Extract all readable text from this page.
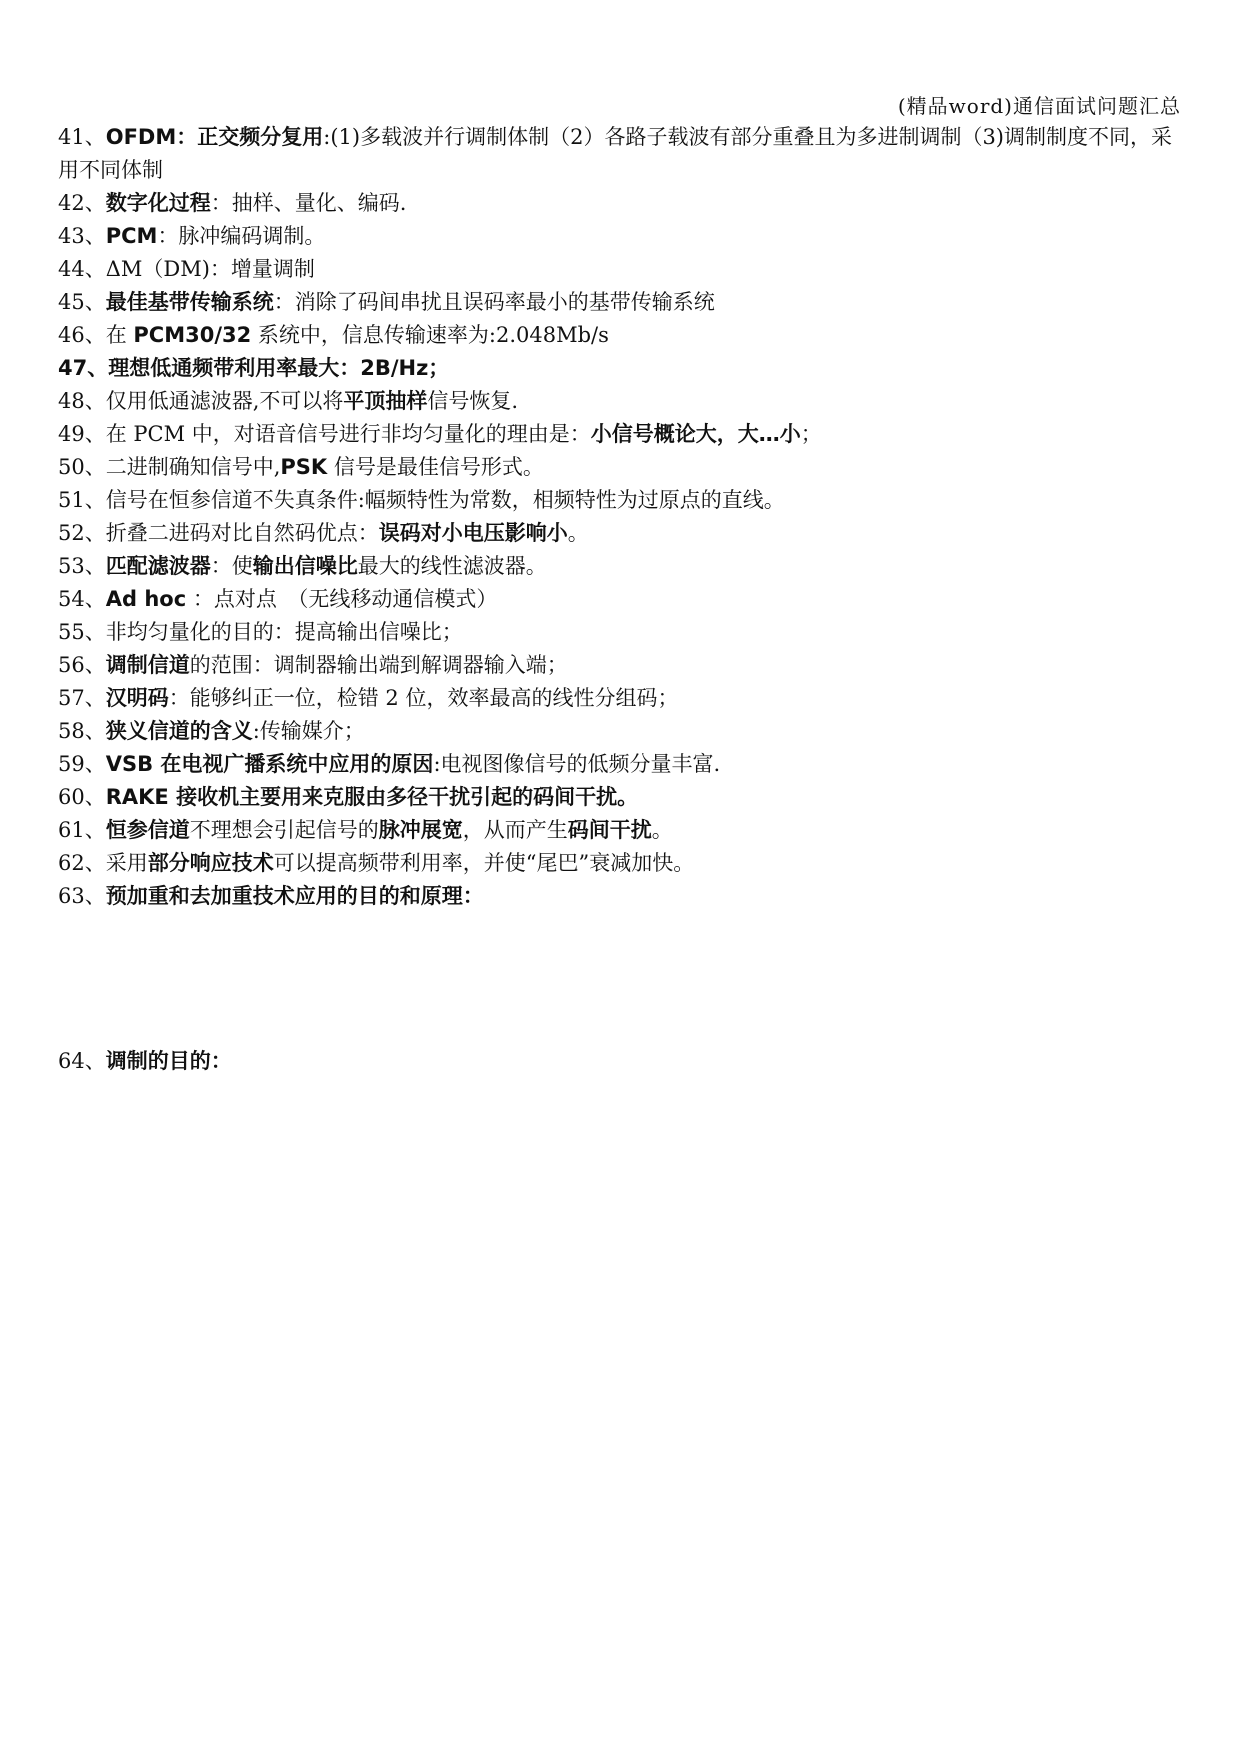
(精品word)通信面试问题汇总

41、OFDM：正交频分复用:(1)多载波并行调制体制（2）各路子载波有部分重叠且为多进制调制（3)调制制度不同，采用不同体制

42、数字化过程：抽样、量化、编码.

43、PCM：脉冲编码调制。

44、ΔM（DM)：增量调制

45、最佳基带传输系统：消除了码间串扰且误码率最小的基带传输系统

46、在 PCM30/32 系统中，信息传输速率为:2.048Mb/s

47、理想低通频带利用率最大：2B/Hz；

48、仅用低通滤波器,不可以将平顶抽样信号恢复.

49、在 PCM 中，对语音信号进行非均匀量化的理由是：小信号概论大，大…小；

50、二进制确知信号中,PSK 信号是最佳信号形式。

51、信号在恒参信道不失真条件:幅频特性为常数，相频特性为过原点的直线。

52、折叠二进码对比自然码优点：误码对小电压影响小。

53、匹配滤波器：使输出信噪比最大的线性滤波器。

54、Ad hoc ：点对点　（无线移动通信模式）

55、非均匀量化的目的：提高输出信噪比；

56、调制信道的范围：调制器输出端到解调器输入端；

57、汉明码：能够纠正一位，检错 2 位，效率最高的线性分组码；

58、狭义信道的含义:传输媒介；

59、VSB 在电视广播系统中应用的原因:电视图像信号的低频分量丰富.

60、RAKE 接收机主要用来克服由多径干扰引起的码间干扰。

61、恒参信道不理想会引起信号的脉冲展宽，从而产生码间干扰。

62、采用部分响应技术可以提高频带利用率，并使“尾巴”衰减加快。

63、预加重和去加重技术应用的目的和原理：

64、调制的目的：
